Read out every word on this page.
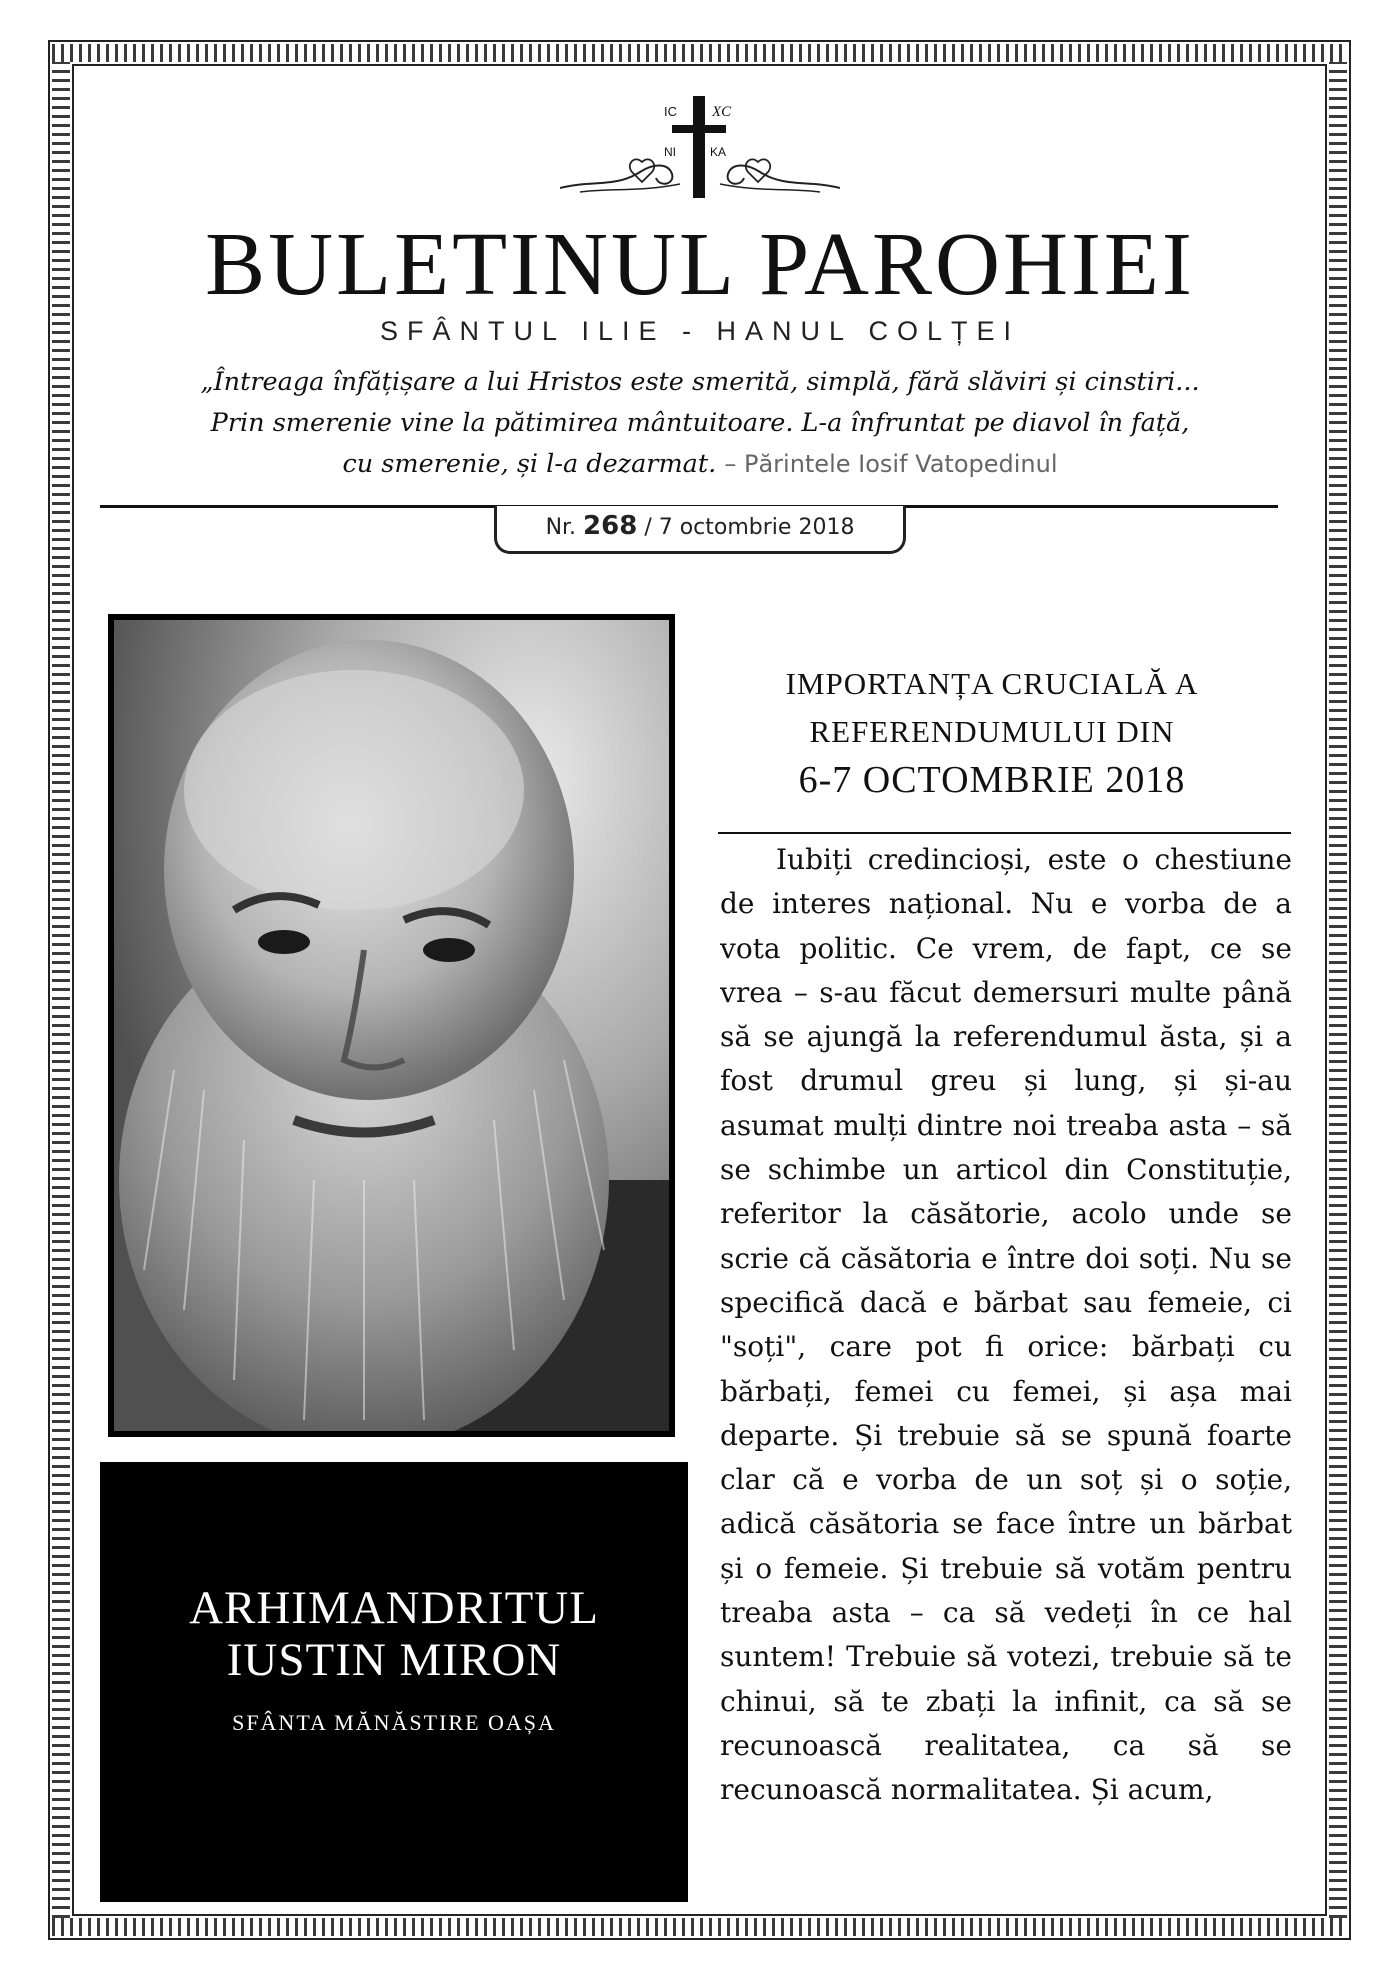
IC XC
NI	KA
BULETINUL PAROHIEI
SFÂNTUL ILIE - HANUL COLȚEI
„Întreaga înfățișare a lui Hristos este smerită, simplă, fără slăviri și cinstiri...
Prin smerenie vine la pătimirea mântuitoare. L-a înfruntat pe diavol în față,
cu smerenie, și l-a dezarmat. – Părintele Iosif Vatopedinul
Nr. 268 / 7 octombrie 2018
ARHIMANDRITUL
IUSTIN MIRON
SFÂNTA MĂNĂSTIRE OAȘA
IMPORTANȚA CRUCIALĂ A
REFERENDUMULUI DIN
6-7 OCTOMBRIE 2018

Iubiți credincioși, este o chestiune de interes național. Nu e vorba de a vota politic. Ce vrem, de fapt, ce se vrea – s-au făcut demersuri multe până să se ajungă la referendumul ăsta, și a fost drumul greu și lung, și și-au asumat mulți dintre noi treaba asta – să se schimbe un articol din Constituție, referitor la căsătorie, acolo unde se scrie că căsătoria e între doi soți. Nu se specifică dacă e bărbat sau femeie, ci "soți", care pot fi orice: bărbați cu bărbați, femei cu femei, și așa mai departe. Și trebuie să se spună foarte clar că e vorba de un soț și o soție, adică căsătoria se face între un bărbat și o femeie. Și trebuie să votăm pentru treaba asta – ca să vedeți în ce hal suntem! Trebuie să votezi, trebuie să te chinui, să te zbați la infinit, ca să se recunoască realitatea, ca să se recunoască normalitatea. Și acum,
